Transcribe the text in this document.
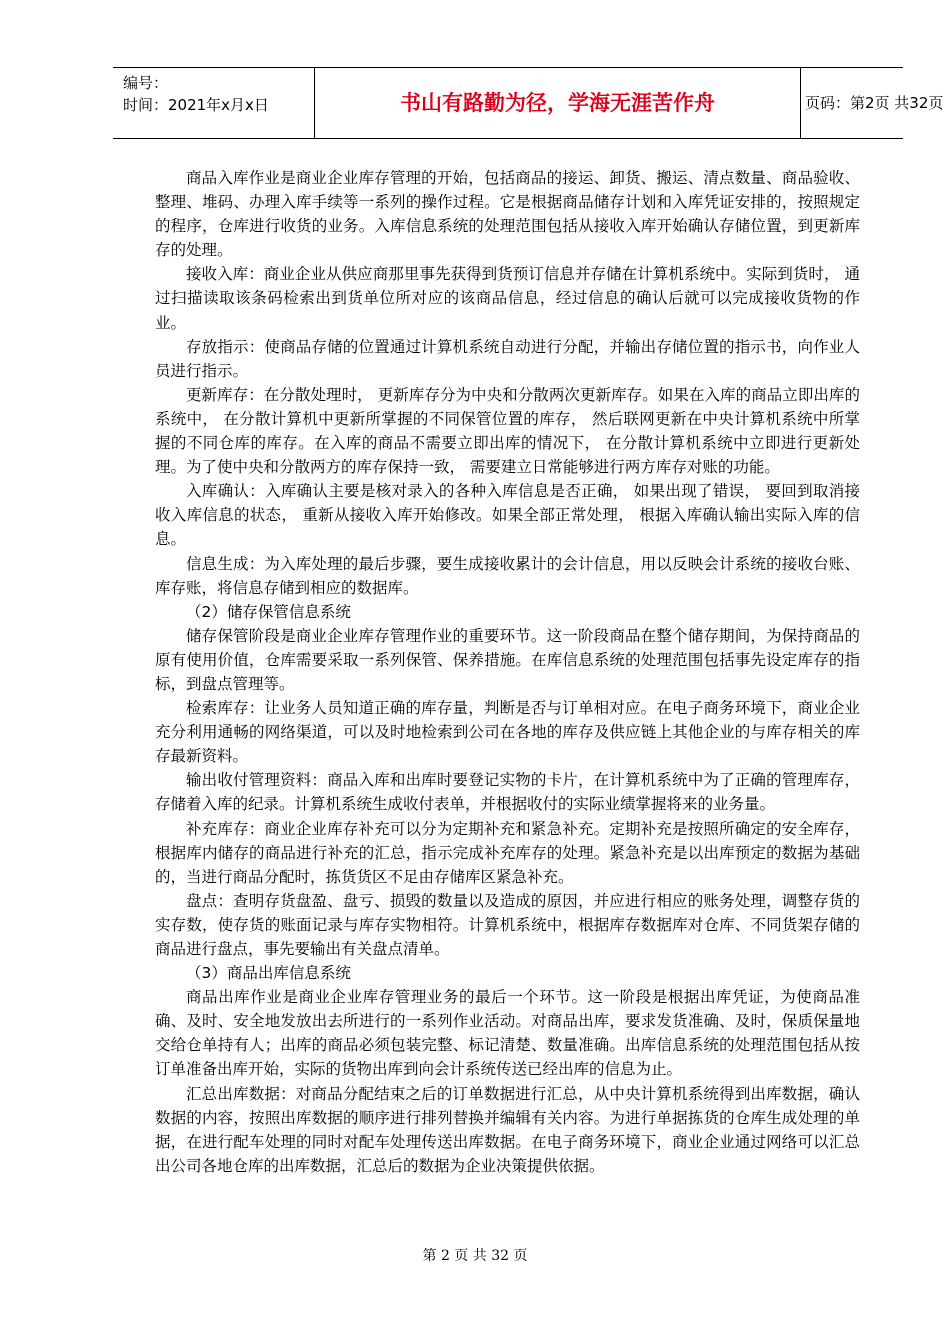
编号：
时间：2021年x月x日	书山有路勤为径，学海无涯苦作舟	页码：第2页 共32页

商品入库作业是商业企业库存管理的开始，包括商品的接运、卸货、搬运、清点数量、商品验收、整理、堆码、办理入库手续等一系列的操作过程。它是根据商品储存计划和入库凭证安排的，按照规定的程序，仓库进行收货的业务。入库信息系统的处理范围包括从接收入库开始确认存储位置，到更新库存的处理。

接收入库：商业企业从供应商那里事先获得到货预订信息并存储在计算机系统中。实际到货时， 通过扫描读取该条码检索出到货单位所对应的该商品信息，经过信息的确认后就可以完成接收货物的作业。

存放指示：使商品存储的位置通过计算机系统自动进行分配，并输出存储位置的指示书，向作业人员进行指示。

更新库存：在分散处理时， 更新库存分为中央和分散两次更新库存。如果在入库的商品立即出库的系统中， 在分散计算机中更新所掌握的不同保管位置的库存， 然后联网更新在中央计算机系统中所掌握的不同仓库的库存。在入库的商品不需要立即出库的情况下， 在分散计算机系统中立即进行更新处理。为了使中央和分散两方的库存保持一致， 需要建立日常能够进行两方库存对账的功能。

入库确认：入库确认主要是核对录入的各种入库信息是否正确， 如果出现了错误， 要回到取消接收入库信息的状态， 重新从接收入库开始修改。如果全部正常处理， 根据入库确认输出实际入库的信息。

信息生成：为入库处理的最后步骤，要生成接收累计的会计信息，用以反映会计系统的接收台账、库存账，将信息存储到相应的数据库。

（2）储存保管信息系统

储存保管阶段是商业企业库存管理作业的重要环节。这一阶段商品在整个储存期间，为保持商品的原有使用价值，仓库需要采取一系列保管、保养措施。在库信息系统的处理范围包括事先设定库存的指标，到盘点管理等。

检索库存：让业务人员知道正确的库存量，判断是否与订单相对应。在电子商务环境下，商业企业充分利用通畅的网络渠道，可以及时地检索到公司在各地的库存及供应链上其他企业的与库存相关的库存最新资料。

输出收付管理资料：商品入库和出库时要登记实物的卡片，在计算机系统中为了正确的管理库存，存储着入库的纪录。计算机系统生成收付表单，并根据收付的实际业绩掌握将来的业务量。

补充库存：商业企业库存补充可以分为定期补充和紧急补充。定期补充是按照所确定的安全库存，根据库内储存的商品进行补充的汇总，指示完成补充库存的处理。紧急补充是以出库预定的数据为基础的，当进行商品分配时，拣货货区不足由存储库区紧急补充。

盘点：查明存货盘盈、盘亏、损毁的数量以及造成的原因，并应进行相应的账务处理，调整存货的实存数，使存货的账面记录与库存实物相符。计算机系统中，根据库存数据库对仓库、不同货架存储的商品进行盘点，事先要输出有关盘点清单。

（3）商品出库信息系统

商品出库作业是商业企业库存管理业务的最后一个环节。这一阶段是根据出库凭证，为使商品准确、及时、安全地发放出去所进行的一系列作业活动。对商品出库，要求发货准确、及时，保质保量地交给仓单持有人；出库的商品必须包装完整、标记清楚、数量准确。出库信息系统的处理范围包括从按订单准备出库开始，实际的货物出库到向会计系统传送已经出库的信息为止。

汇总出库数据：对商品分配结束之后的订单数据进行汇总，从中央计算机系统得到出库数据，确认数据的内容，按照出库数据的顺序进行排列替换并编辑有关内容。为进行单据拣货的仓库生成处理的单据，在进行配车处理的同时对配车处理传送出库数据。在电子商务环境下，商业企业通过网络可以汇总出公司各地仓库的出库数据，汇总后的数据为企业决策提供依据。

第 2 页 共 32 页
